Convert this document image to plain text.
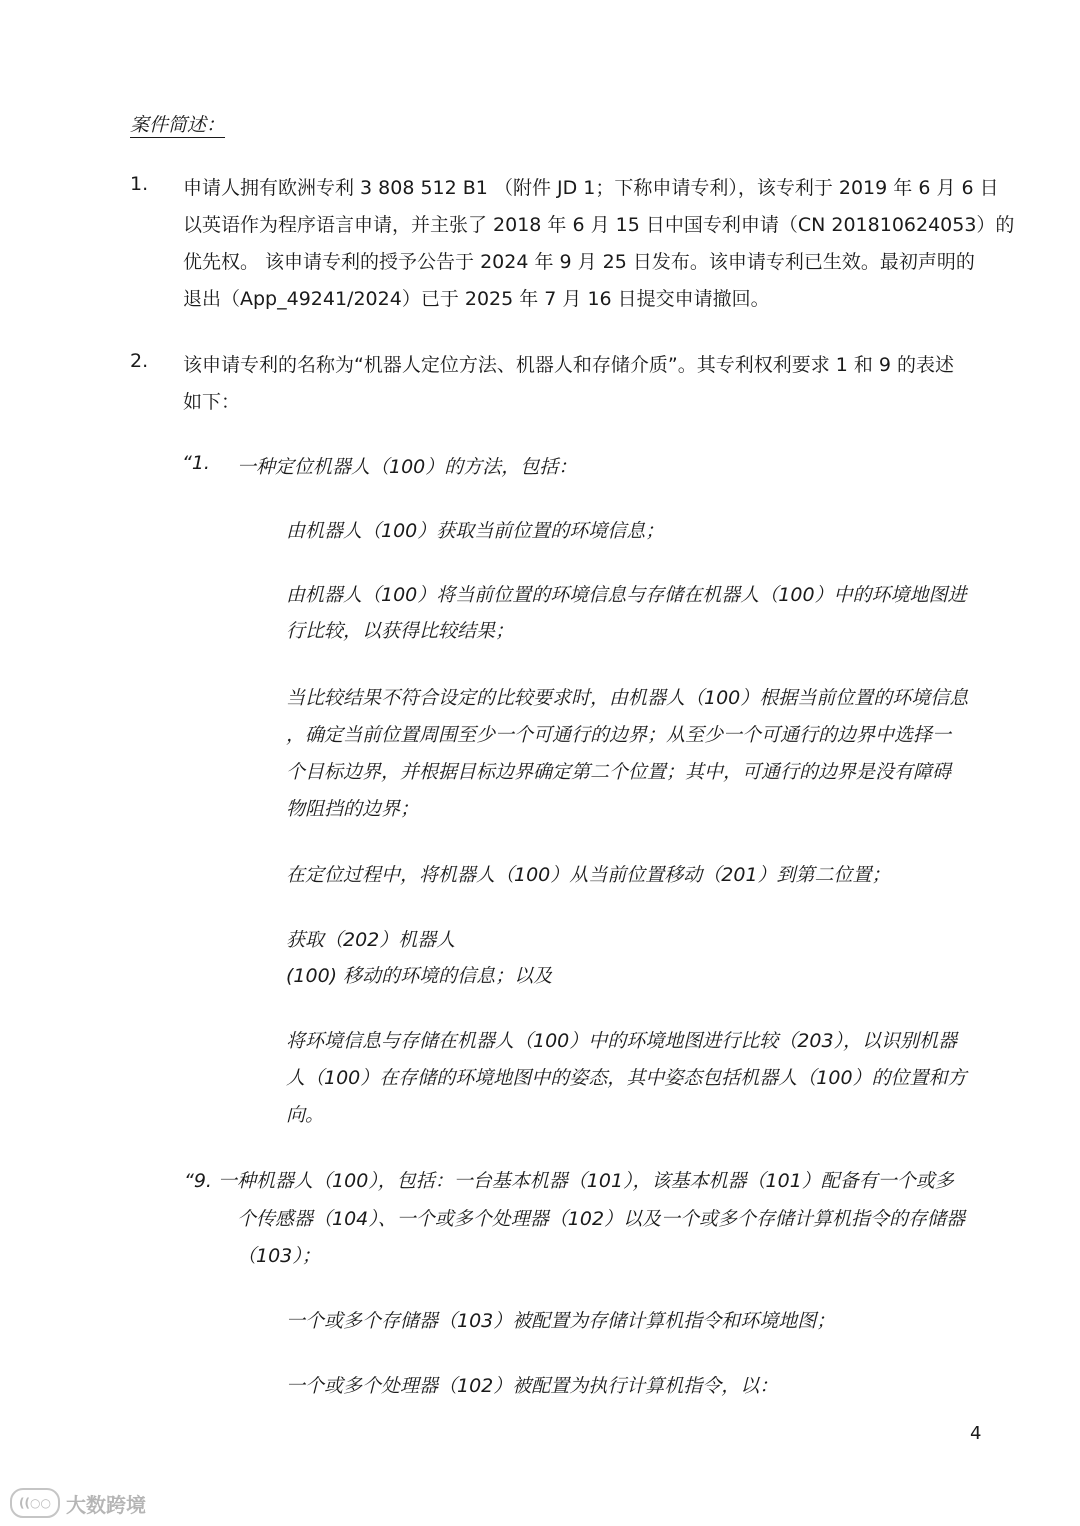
案件简述：
1. 申请人拥有欧洲专利 3 808 512 B1 （附件 JD 1；下称申请专利），该专利于 2019 年 6 月 6 日
以英语作为程序语言申请，并主张了 2018 年 6 月 15 日中国专利申请（CN 201810624053）的
优先权。 该申请专利的授予公告于 2024 年 9 月 25 日发布。该申请专利已生效。最初声明的
退出（App_49241/2024）已于 2025 年 7 月 16 日提交申请撤回。
2. 该申请专利的名称为“机器人定位方法、机器人和存储介质”。其专利权利要求 1 和 9 的表述
如下：
“1. 一种定位机器人（100）的方法，包括：
由机器人（100）获取当前位置的环境信息；
由机器人（100）将当前位置的环境信息与存储在机器人（100）中的环境地图进
行比较，以获得比较结果；
当比较结果不符合设定的比较要求时，由机器人（100）根据当前位置的环境信息
，确定当前位置周围至少一个可通行的边界；从至少一个可通行的边界中选择一
个目标边界，并根据目标边界确定第二个位置；其中，可通行的边界是没有障碍
物阻挡的边界；
在定位过程中，将机器人（100）从当前位置移动（201）到第二位置；
获取（202）机器人
(100) 移动的环境的信息；以及
将环境信息与存储在机器人（100）中的环境地图进行比较（203），以识别机器
人（100）在存储的环境地图中的姿态，其中姿态包括机器人（100）的位置和方
向。
“9. 一种机器人（100），包括：一台基本机器（101），该基本机器（101）配备有一个或多
个传感器（104）、一个或多个处理器（102）以及一个或多个存储计算机指令的存储器
（103）；
一个或多个存储器（103）被配置为存储计算机指令和环境地图；
一个或多个处理器（102）被配置为执行计算机指令，以：
4
((○○ 大数跨境
